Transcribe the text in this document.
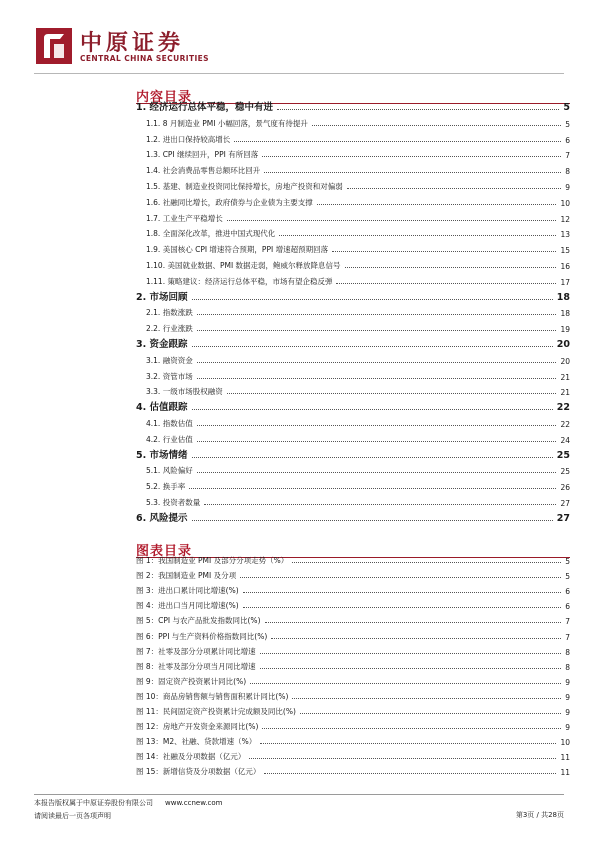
中原证券
CENTRAL CHINA SECURITIES
内容目录
1. 经济运行总体平稳，稳中有进	5
1.1. 8 月制造业 PMI 小幅回落，景气度有待提升	5
1.2. 进出口保持较高增长	6
1.3. CPI 继续回升，PPI 有所回落	7
1.4. 社会消费品零售总额环比回升	8
1.5. 基建、制造业投资同比保持增长，房地产投资和对偏弱	9
1.6. 社融同比增长，政府债券与企业债为主要支撑	10
1.7. 工业生产平稳增长	12
1.8. 全面深化改革，推进中国式现代化	13
1.9. 美国核心 CPI 增速符合预期，PPI 增速超预期回落	15
1.10. 美国就业数据、PMI 数据走弱，鲍威尔释放降息信号	16
1.11. 策略建议：经济运行总体平稳，市场有望企稳反弹	17
2. 市场回顾	18
2.1. 指数涨跌	18
2.2. 行业涨跌	19
3. 资金跟踪	20
3.1. 融资资金	20
3.2. 资管市场	21
3.3. 一级市场股权融资	21
4. 估值跟踪	22
4.1. 指数估值	22
4.2. 行业估值	24
5. 市场情绪	25
5.1. 风险偏好	25
5.2. 换手率	26
5.3. 投资者数量	27
6. 风险提示	27
图表目录
图 1：我国制造业 PMI 及部分分项走势（%）	5
图 2：我国制造业 PMI 及分项	5
图 3：进出口累计同比增速(%)	6
图 4：进出口当月同比增速(%)	6
图 5：CPI 与农产品批发指数同比(%)	7
图 6：PPI 与生产资料价格指数同比(%)	7
图 7：社零及部分分项累计同比增速	8
图 8：社零及部分分项当月同比增速	8
图 9：固定资产投资累计同比(%)	9
图 10：商品房销售额与销售面积累计同比(%)	9
图 11：民间固定资产投资累计完成额及同比(%)	9
图 12：房地产开发资金来源同比(%)	9
图 13：M2、社融、贷款增速（%）	10
图 14：社融及分项数据（亿元）	11
图 15：新增信贷及分项数据（亿元）	11
本报告版权属于中原证券股份有限公司 www.ccnew.com
请阅读最后一页各项声明	第3页 / 共28页
